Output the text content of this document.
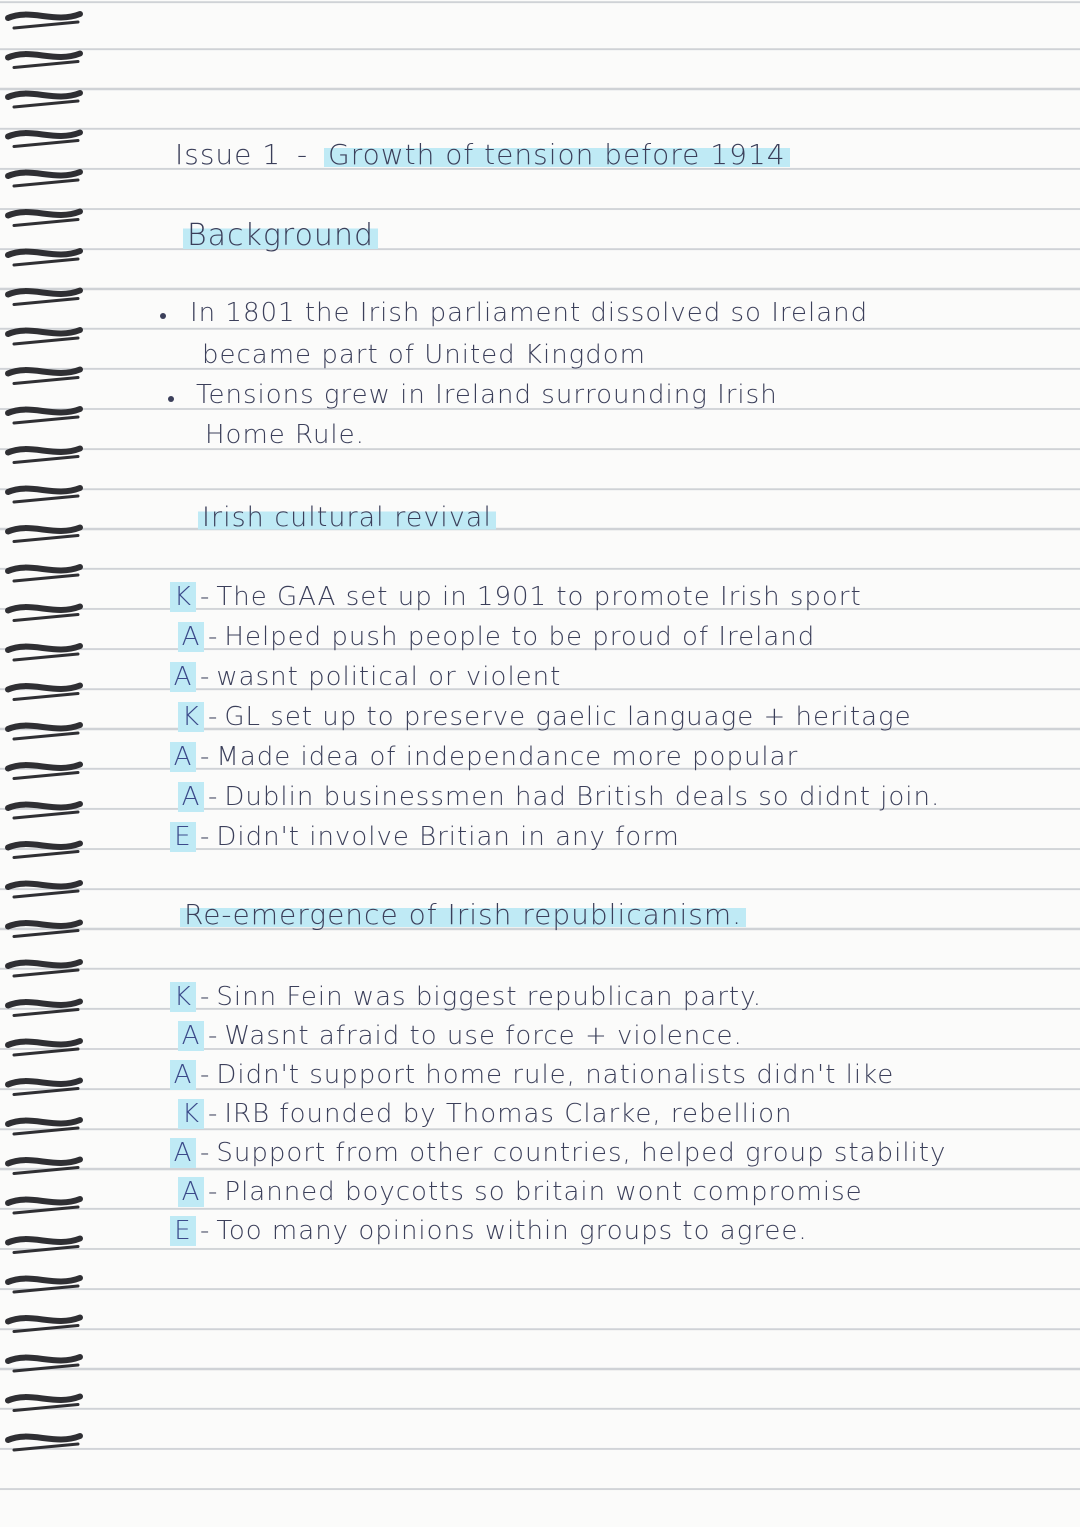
Issue 1 - Growth of tension before 1914
Background
In 1801 the Irish parliament dissolved so Ireland
became part of United Kingdom
Tensions grew in Ireland surrounding Irish
Home Rule.
Irish cultural revival
K - The GAA set up in 1901 to promote Irish sport
A - Helped push people to be proud of Ireland
A - wasnt political or violent
K - GL set up to preserve gaelic language + heritage
A - Made idea of independance more popular
A - Dublin businessmen had British deals so didnt join.
E - Didn't involve Britian in any form
Re-emergence of Irish republicanism.
K - Sinn Fein was biggest republican party.
A - Wasnt afraid to use force + violence.
A - Didn't support home rule, nationalists didn't like
K - IRB founded by Thomas Clarke, rebellion
A - Support from other countries, helped group stability
A - Planned boycotts so britain wont compromise
E - Too many opinions within groups to agree.
